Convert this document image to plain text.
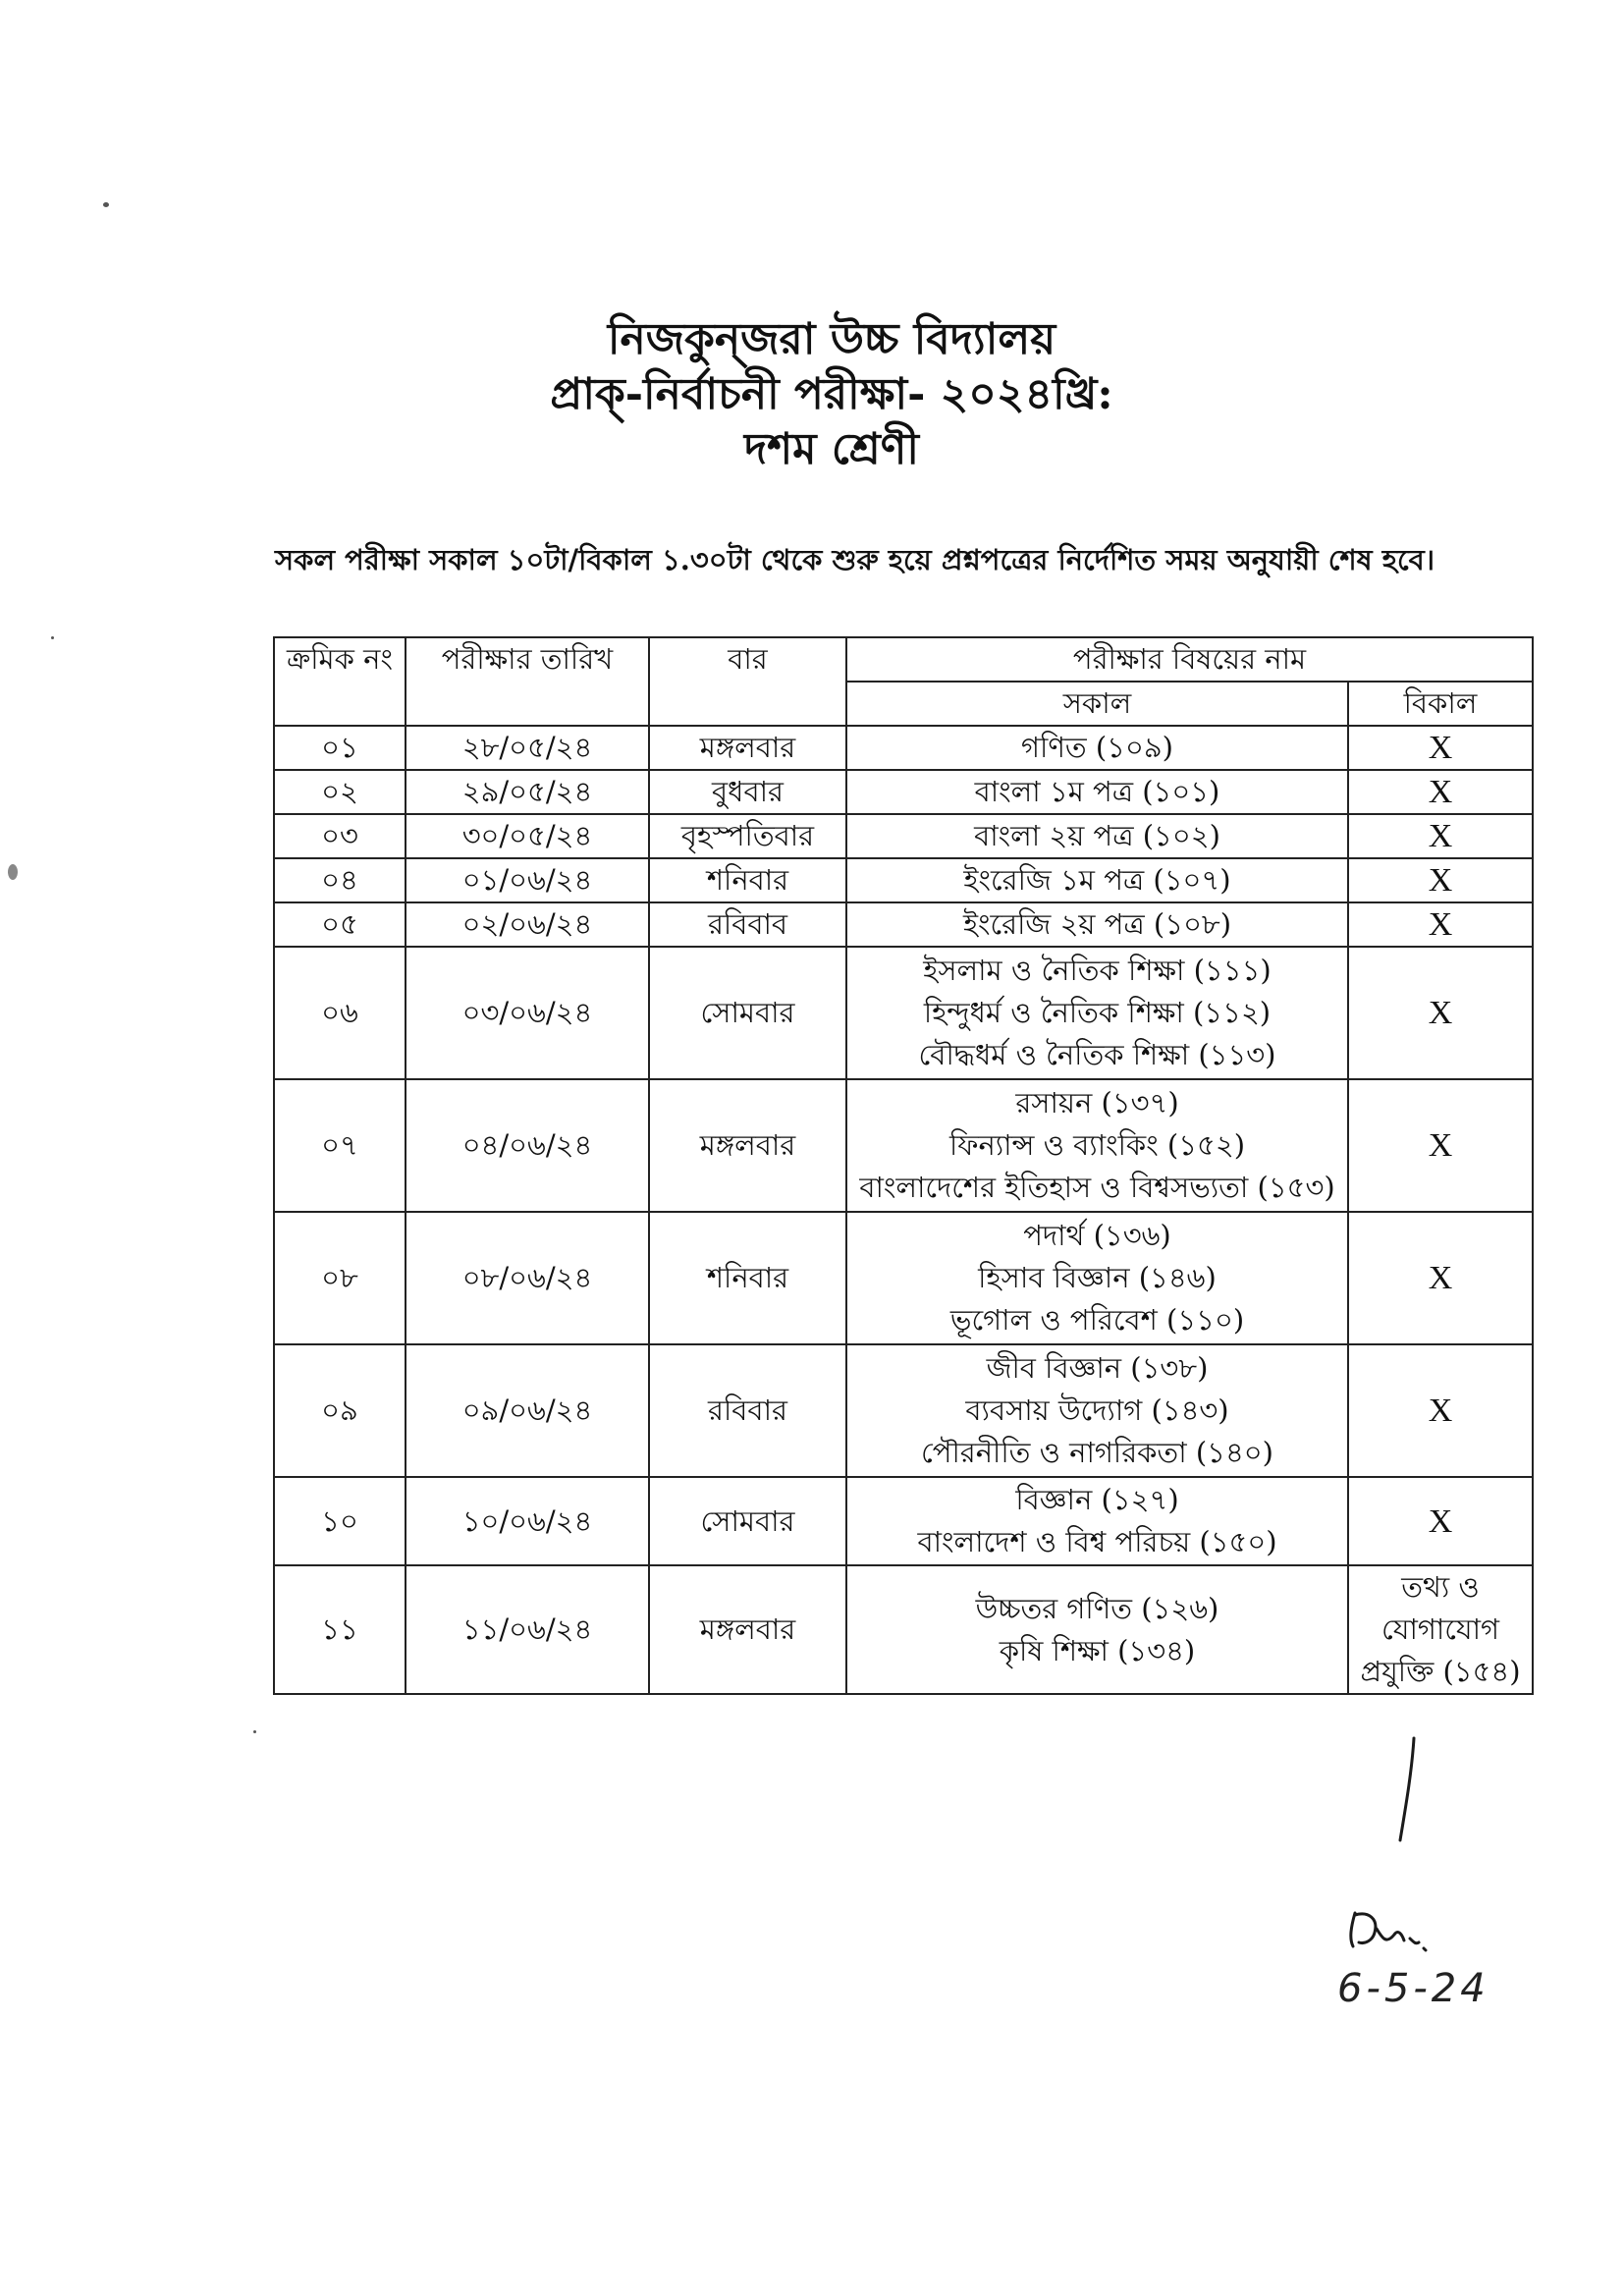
নিজকুন্জরা উচ্চ বিদ্যালয়
প্রাক্-নির্বাচনী পরীক্ষা- ২০২৪খ্রি:
দশম শ্রেণী
সকল পরীক্ষা সকাল ১০টা/বিকাল ১.৩০টা থেকে শুরু হয়ে প্রশ্নপত্রের নির্দেশিত সময় অনুযায়ী শেষ হবে।
ক্রমিক নং	পরীক্ষার তারিখ	বার	পরীক্ষার বিষয়ের নাম	
			সকাল	বিকাল
০১	২৮/০৫/২৪	মঙ্গলবার	গণিত (১০৯)	X
০২	২৯/০৫/২৪	বুধবার	বাংলা ১ম পত্র (১০১)	X
০৩	৩০/০৫/২৪	বৃহস্পতিবার	বাংলা ২য় পত্র (১০২)	X
০৪	০১/০৬/২৪	শনিবার	ইংরেজি ১ম পত্র (১০৭)	X
০৫	০২/০৬/২৪	রবিবাব	ইংরেজি ২য় পত্র (১০৮)	X
০৬	০৩/০৬/২৪	সোমবার	ইসলাম ও নৈতিক শিক্ষা (১১১)
হিন্দুধর্ম ও নৈতিক শিক্ষা (১১২)
বৌদ্ধধর্ম ও নৈতিক শিক্ষা (১১৩)	X
০৭	০৪/০৬/২৪	মঙ্গলবার	রসায়ন (১৩৭)
ফিন্যান্স ও ব্যাংকিং (১৫২)
বাংলাদেশের ইতিহাস ও বিশ্বসভ্যতা (১৫৩)	X
০৮	০৮/০৬/২৪	শনিবার	পদার্থ (১৩৬)
হিসাব বিজ্ঞান (১৪৬)
ভূগোল ও পরিবেশ (১১০)	X
০৯	০৯/০৬/২৪	রবিবার	জীব বিজ্ঞান (১৩৮)
ব্যবসায় উদ্যোগ (১৪৩)
পৌরনীতি ও নাগরিকতা (১৪০)	X
১০	১০/০৬/২৪	সোমবার	বিজ্ঞান (১২৭)
বাংলাদেশ ও বিশ্ব পরিচয় (১৫০)	X
১১	১১/০৬/২৪	মঙ্গলবার	উচ্চতর গণিত (১২৬)
কৃষি শিক্ষা (১৩৪)	তথ্য ও যোগাযোগ প্রযুক্তি (১৫৪)
6-5-24
